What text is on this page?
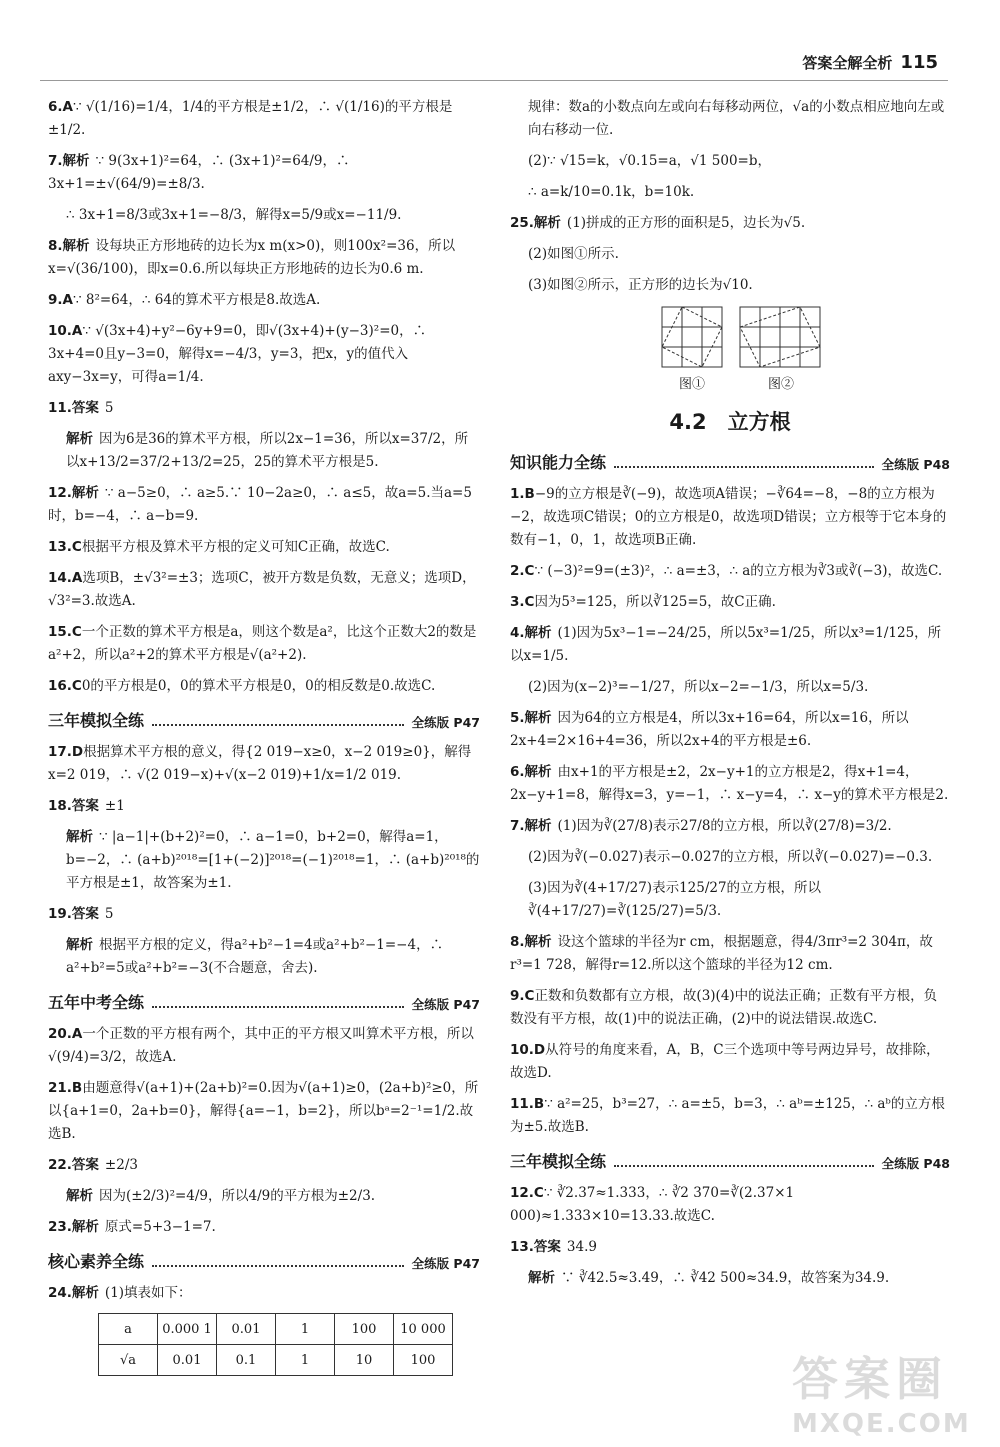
答案全解全析 115
6.A∵ √(1/16)=1/4，1/4的平方根是±1/2，∴ √(1/16)的平方根是±1/2.
7.解析 ∵ 9(3x+1)²=64，∴ (3x+1)²=64/9，∴ 3x+1=±√(64/9)=±8/3.
∴ 3x+1=8/3或3x+1=−8/3，解得x=5/9或x=−11/9.
8.解析 设每块正方形地砖的边长为x m(x>0)，则100x²=36，所以x=√(36/100)，即x=0.6.所以每块正方形地砖的边长为0.6 m.
9.A∵ 8²=64，∴ 64的算术平方根是8.故选A.
10.A∵ √(3x+4)+y²−6y+9=0，即√(3x+4)+(y−3)²=0，∴ 3x+4=0且y−3=0，解得x=−4/3，y=3，把x，y的值代入axy−3x=y，可得a=1/4.
11.答案 5
解析 因为6是36的算术平方根，所以2x−1=36，所以x=37/2，所以x+13/2=37/2+13/2=25，25的算术平方根是5.
12.解析 ∵ a−5≥0，∴ a≥5.∵ 10−2a≥0，∴ a≤5，故a=5.当a=5时，b=−4，∴ a−b=9.
13.C根据平方根及算术平方根的定义可知C正确，故选C.
14.A选项B，±√3²=±3；选项C，被开方数是负数，无意义；选项D，√3²=3.故选A.
15.C一个正数的算术平方根是a，则这个数是a²，比这个正数大2的数是a²+2，所以a²+2的算术平方根是√(a²+2).
16.C0的平方根是0，0的算术平方根是0，0的相反数是0.故选C.
三年模拟全练	全练版 P47
17.D根据算术平方根的意义，得{2 019−x≥0，x−2 019≥0}，解得x=2 019，∴ √(2 019−x)+√(x−2 019)+1/x=1/2 019.
18.答案 ±1
解析 ∵ |a−1|+(b+2)²=0，∴ a−1=0，b+2=0，解得a=1，b=−2，∴ (a+b)²⁰¹⁸=[1+(−2)]²⁰¹⁸=(−1)²⁰¹⁸=1，∴ (a+b)²⁰¹⁸的平方根是±1，故答案为±1.
19.答案 5
解析 根据平方根的定义，得a²+b²−1=4或a²+b²−1=−4，∴ a²+b²=5或a²+b²=−3(不合题意，舍去).
五年中考全练	全练版 P47
20.A一个正数的平方根有两个，其中正的平方根又叫算术平方根，所以√(9/4)=3/2，故选A.
21.B由题意得√(a+1)+(2a+b)²=0.因为√(a+1)≥0，(2a+b)²≥0，所以{a+1=0，2a+b=0}，解得{a=−1，b=2}，所以bᵃ=2⁻¹=1/2.故选B.
22.答案 ±2/3
解析 因为(±2/3)²=4/9，所以4/9的平方根为±2/3.
23.解析 原式=5+3−1=7.
核心素养全练	全练版 P47
24.解析 (1)填表如下：
a	0.000 1	0.01	1	100	10 000
√a	0.01	0.1	1	10	100
规律：数a的小数点向左或向右每移动两位，√a的小数点相应地向左或向右移动一位.
(2)∵ √15=k，√0.15=a，√1 500=b，
∴ a=k/10=0.1k，b=10k.
25.解析 (1)拼成的正方形的面积是5，边长为√5.
(2)如图①所示.
(3)如图②所示，正方形的边长为√10.
图①	图②
4.2　立方根
知识能力全练	全练版 P48
1.B−9的立方根是∛(−9)，故选项A错误；−∛64=−8，−8的立方根为−2，故选项C错误；0的立方根是0，故选项D错误；立方根等于它本身的数有−1，0，1，故选项B正确.
2.C∵ (−3)²=9=(±3)²，∴ a=±3，∴ a的立方根为∛3或∛(−3)，故选C.
3.C因为5³=125，所以∛125=5，故C正确.
4.解析 (1)因为5x³−1=−24/25，所以5x³=1/25，所以x³=1/125，所以x=1/5.
(2)因为(x−2)³=−1/27，所以x−2=−1/3，所以x=5/3.
5.解析 因为64的立方根是4，所以3x+16=64，所以x=16，所以2x+4=2×16+4=36，所以2x+4的平方根是±6.
6.解析 由x+1的平方根是±2，2x−y+1的立方根是2，得x+1=4，2x−y+1=8，解得x=3，y=−1，∴ x−y=4，∴ x−y的算术平方根是2.
7.解析 (1)因为∛(27/8)表示27/8的立方根，所以∛(27/8)=3/2.
(2)因为∛(−0.027)表示−0.027的立方根，所以∛(−0.027)=−0.3.
(3)因为∛(4+17/27)表示125/27的立方根，所以∛(4+17/27)=∛(125/27)=5/3.
8.解析 设这个篮球的半径为r cm，根据题意，得4/3πr³=2 304π，故r³=1 728，解得r=12.所以这个篮球的半径为12 cm.
9.C正数和负数都有立方根，故(3)(4)中的说法正确；正数有平方根，负数没有平方根，故(1)中的说法正确，(2)中的说法错误.故选C.
10.D从符号的角度来看，A，B，C三个选项中等号两边异号，故排除，故选D.
11.B∵ a²=25，b³=27，∴ a=±5，b=3，∴ aᵇ=±125，∴ aᵇ的立方根为±5.故选B.
三年模拟全练	全练版 P48
12.C∵ ∛2.37≈1.333，∴ ∛2 370=∛(2.37×1 000)≈1.333×10=13.33.故选C.
13.答案 34.9
解析 ∵ ∛42.5≈3.49，∴ ∛42 500≈34.9，故答案为34.9.
答案圈
MXQE.COM
